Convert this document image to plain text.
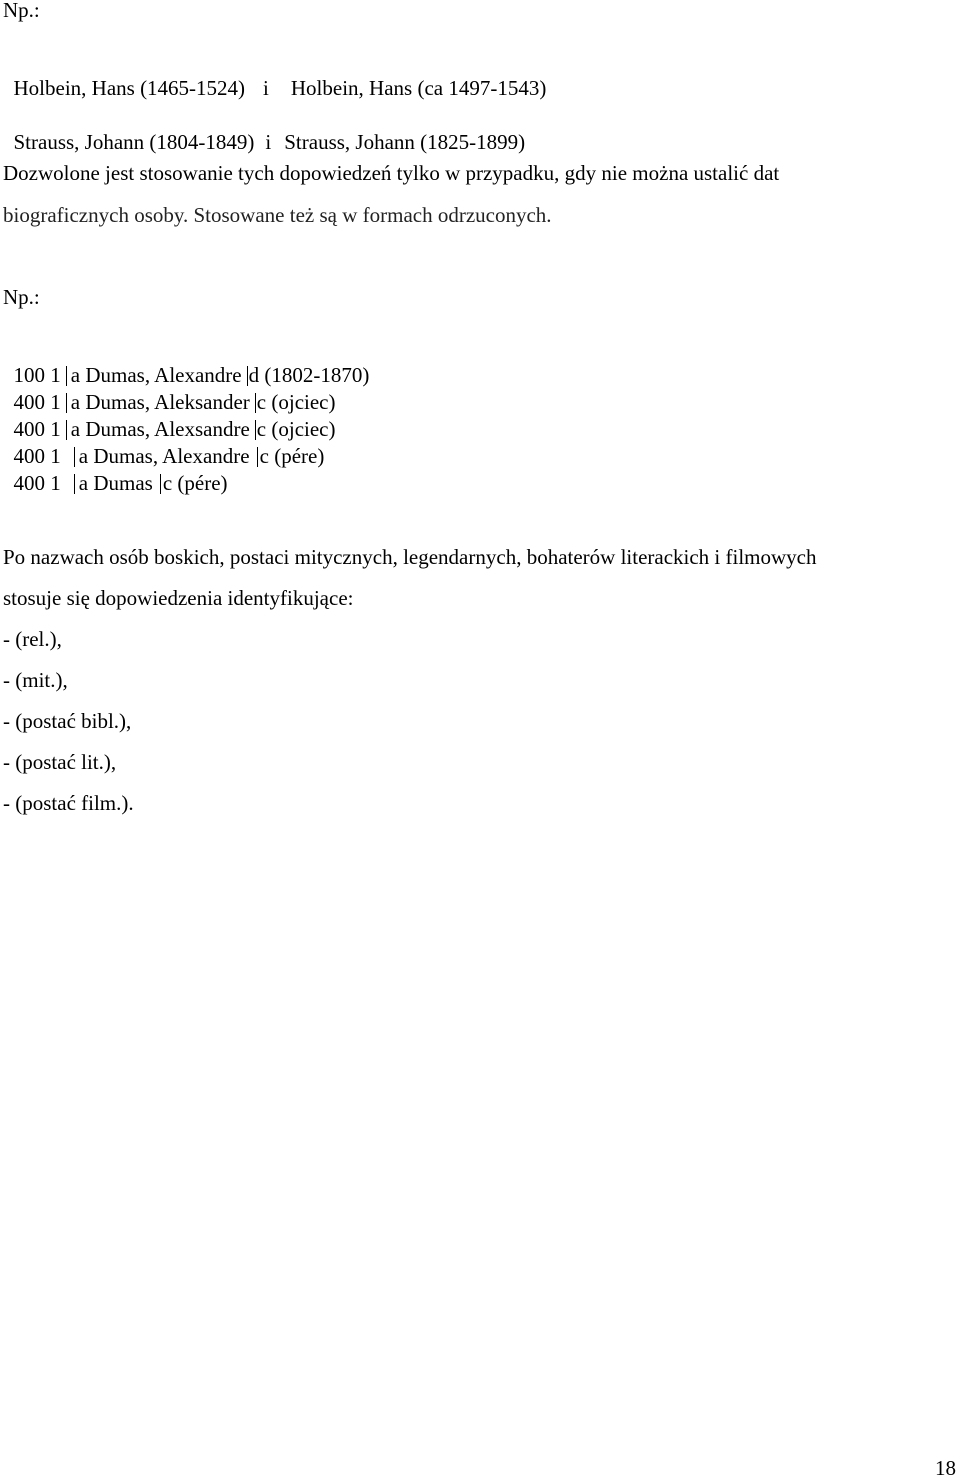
Np.:

Holbein, Hans (1465-1524) i Holbein, Hans (ca 1497-1543)

Strauss, Johann (1804-1849) i Strauss, Johann (1825-1899)

Dozwolone jest stosowanie tych dopowiedzeń tylko w przypadku, gdy nie można ustalić dat
biograficznych osoby. Stosowane też są w formach odrzuconych.
Np.:

100 1 a Dumas, Alexandre d (1802-1870)

400 1 a Dumas, Aleksander c (ojciec)

400 1 a Dumas, Alexsandre c (ojciec)

400 1 a Dumas, Alexandre c (pére)

400 1 a Dumas c (pére)

Po nazwach osób boskich, postaci mitycznych, legendarnych, bohaterów literackich i filmowych
stosuje się dopowiedzenia identyfikujące:
- (rel.),
- (mit.),
- (postać bibl.),
- (postać lit.),
- (postać film.).
18
